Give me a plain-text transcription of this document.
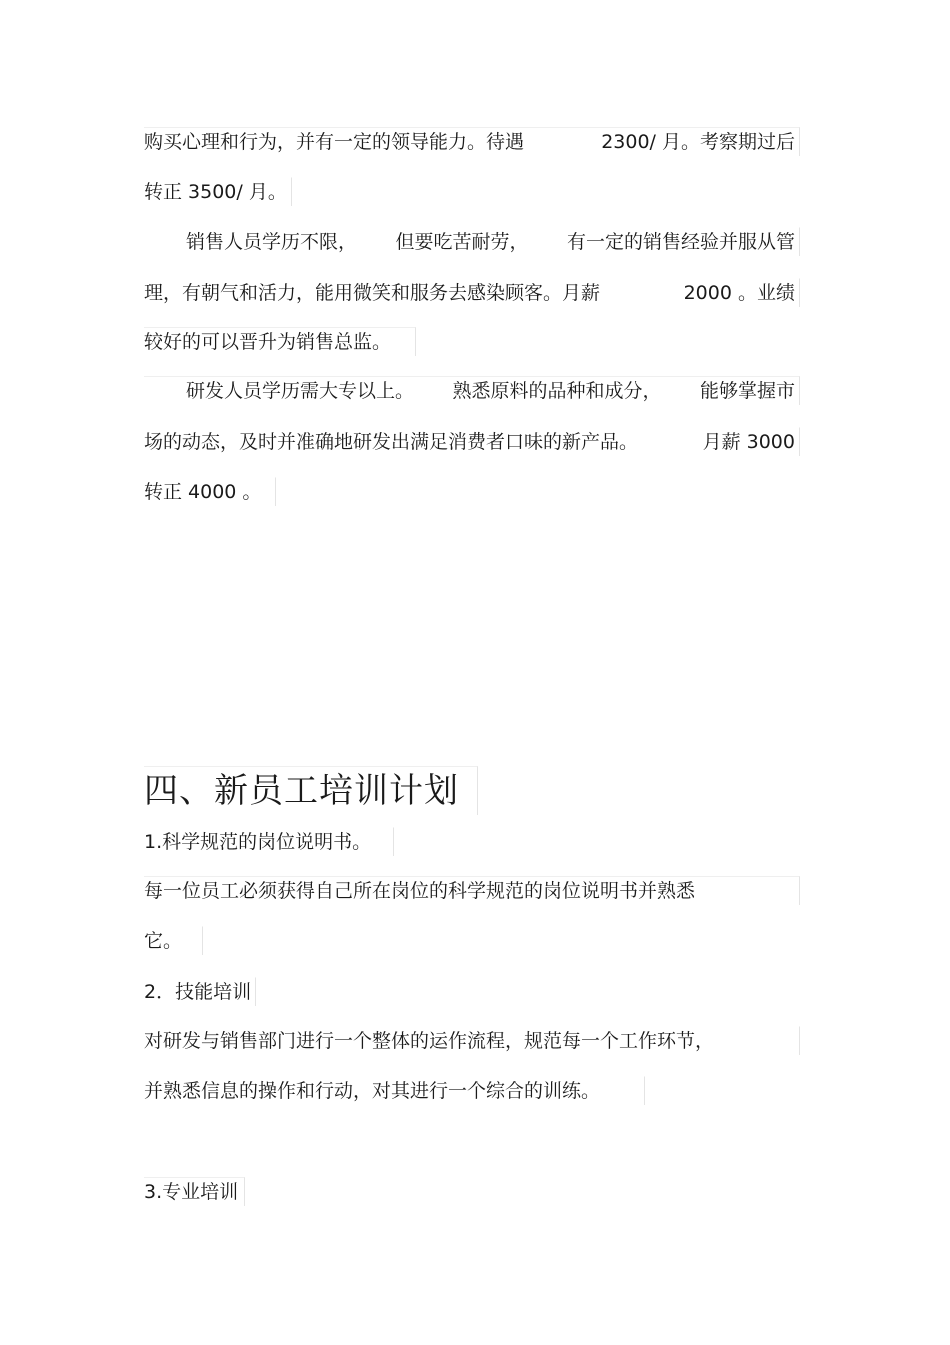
购买心理和行为，并有一定的领导能力。待遇	2300/ 月。考察期过后
转正 3500/ 月。
销售人员学历不限， 但要吃苦耐劳， 有一定的销售经验并服从管
理，有朝气和活力，能用微笑和服务去感染顾客。月薪	2000 。业绩
较好的可以晋升为销售总监。
研发人员学历需大专以上。 熟悉原料的品种和成分， 能够掌握市
场的动态，及时并准确地研发出满足消费者口味的新产品。	月薪 3000
转正 4000 。
四、新员工培训计划
1.科学规范的岗位说明书。
每一位员工必须获得自己所在岗位的科学规范的岗位说明书并熟悉
它。
2．技能培训
对研发与销售部门进行一个整体的运作流程，规范每一个工作环节，
并熟悉信息的操作和行动，对其进行一个综合的训练。
3.专业培训
